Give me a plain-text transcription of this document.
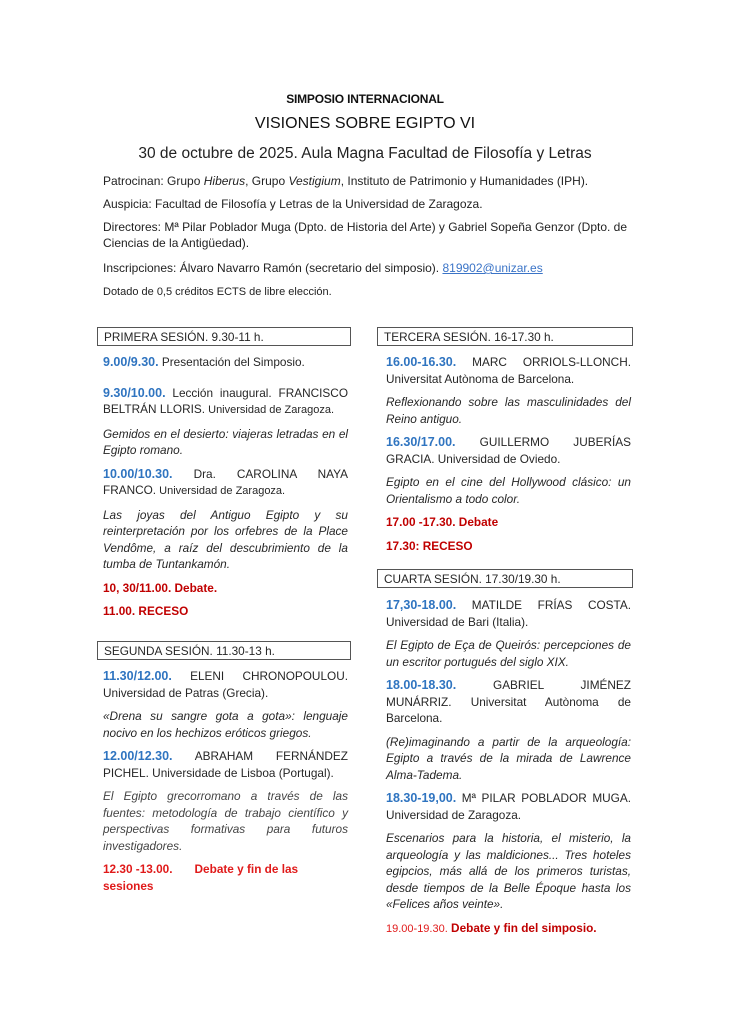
SIMPOSIO INTERNACIONAL
VISIONES SOBRE EGIPTO VI
30 de octubre de 2025. Aula Magna Facultad de Filosofía y Letras
Patrocinan: Grupo Hiberus, Grupo Vestigium, Instituto de Patrimonio y Humanidades (IPH).
Auspicia: Facultad de Filosofía y Letras de la Universidad de Zaragoza.
Directores: Mª Pilar Poblador Muga (Dpto. de Historia del Arte) y Gabriel Sopeña Genzor (Dpto. de Ciencias de la Antigüedad).
Inscripciones: Álvaro Navarro Ramón (secretario del simposio). 819902@unizar.es
Dotado de 0,5 créditos ECTS de libre elección.
PRIMERA SESIÓN. 9.30-11 h.
9.00/9.30. Presentación del Simposio.
9.30/10.00. Lección inaugural. FRANCISCO BELTRÁN LLORIS. Universidad de Zaragoza.
Gemidos en el desierto: viajeras letradas en el Egipto romano.
10.00/10.30. Dra. CAROLINA NAYA FRANCO. Universidad de Zaragoza.
Las joyas del Antiguo Egipto y su reinterpretación por los orfebres de la Place Vendôme, a raíz del descubrimiento de la tumba de Tuntankamón.
10, 30/11.00. Debate.
11.00. RECESO
SEGUNDA SESIÓN. 11.30-13 h.
11.30/12.00. ELENI CHRONOPOULOU. Universidad de Patras (Grecia).
«Drena su sangre gota a gota»: lenguaje nocivo en los hechizos eróticos griegos.
12.00/12.30. ABRAHAM FERNÁNDEZ PICHEL. Universidade de Lisboa (Portugal).
El Egipto grecorromano a través de las fuentes: metodología de trabajo científico y perspectivas formativas para futuros investigadores.
12.30 -13.00. Debate y fin de las sesiones
TERCERA SESIÓN. 16-17.30 h.
16.00-16.30. MARC ORRIOLS-LLONCH. Universitat Autònoma de Barcelona.
Reflexionando sobre las masculinidades del Reino antiguo.
16.30/17.00. GUILLERMO JUBERÍAS GRACIA. Universidad de Oviedo.
Egipto en el cine del Hollywood clásico: un Orientalismo a todo color.
17.00 -17.30. Debate
17.30: RECESO
CUARTA SESIÓN. 17.30/19.30 h.
17,30-18.00. MATILDE FRÍAS COSTA. Universidad de Bari (Italia).
El Egipto de Eça de Queirós: percepciones de un escritor portugués del siglo XIX.
18.00-18.30. GABRIEL JIMÉNEZ MUNÁRRIZ. Universitat Autònoma de Barcelona.
(Re)imaginando a partir de la arqueología: Egipto a través de la mirada de Lawrence Alma-Tadema.
18.30-19,00. Mª PILAR POBLADOR MUGA. Universidad de Zaragoza.
Escenarios para la historia, el misterio, la arqueología y las maldiciones... Tres hoteles egipcios, más allá de los primeros turistas, desde tiempos de la Belle Époque hasta los «Felices años veinte».
19.00-19.30. Debate y fin del simposio.
